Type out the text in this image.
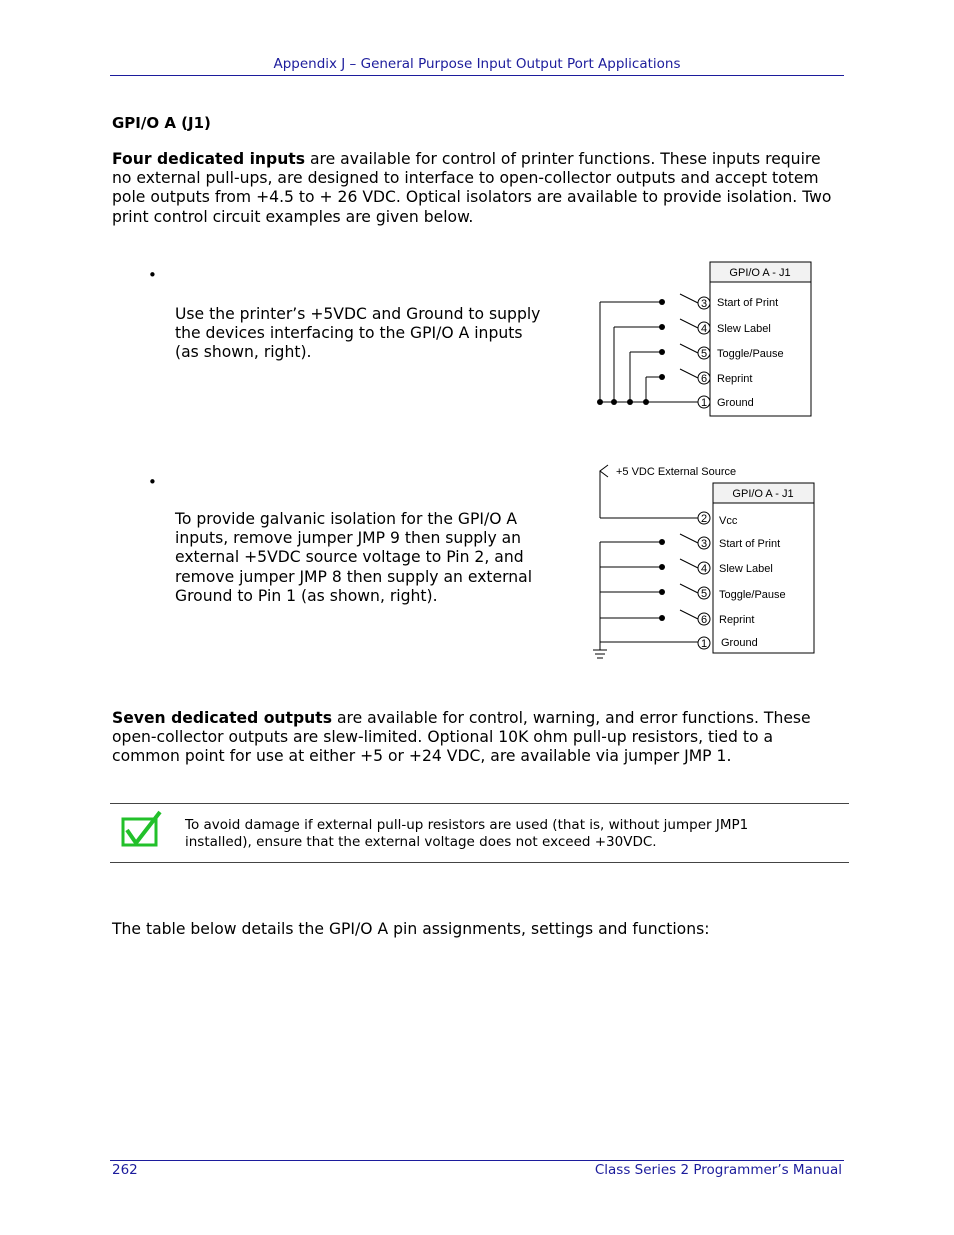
Appendix J – General Purpose Input Output Port Applications
GPI/O A (J1)
Four dedicated inputs are available for control of printer functions. These inputs require
no external pull-ups, are designed to interface to open-collector outputs and accept totem
pole outputs from +4.5 to + 26 VDC. Optical isolators are available to provide isolation. Two
print control circuit examples are given below.
•
Use the printer’s +5VDC and Ground to supply
the devices interfacing to the GPI/O A inputs
(as shown, right).
GPI/O A - J1
3
4
5
6
1
Start of Print
Slew Label
Toggle/Pause
Reprint
Ground
+5 VDC External Source
GPI/O A - J1
2
3
4
5
6
1
Vcc
Start of Print
Slew Label
Toggle/Pause
Reprint
Ground
•
To provide galvanic isolation for the GPI/O A
inputs, remove jumper JMP 9 then supply an
external +5VDC source voltage to Pin 2, and
remove jumper JMP 8 then supply an external
Ground to Pin 1 (as shown, right).
Seven dedicated outputs are available for control, warning, and error functions. These
open-collector outputs are slew-limited. Optional 10K ohm pull-up resistors, tied to a
common point for use at either +5 or +24 VDC, are available via jumper JMP 1.
To avoid damage if external pull-up resistors are used (that is, without jumper JMP1
installed), ensure that the external voltage does not exceed +30VDC.
The table below details the GPI/O A pin assignments, settings and functions:
262	Class Series 2 Programmer’s Manual
